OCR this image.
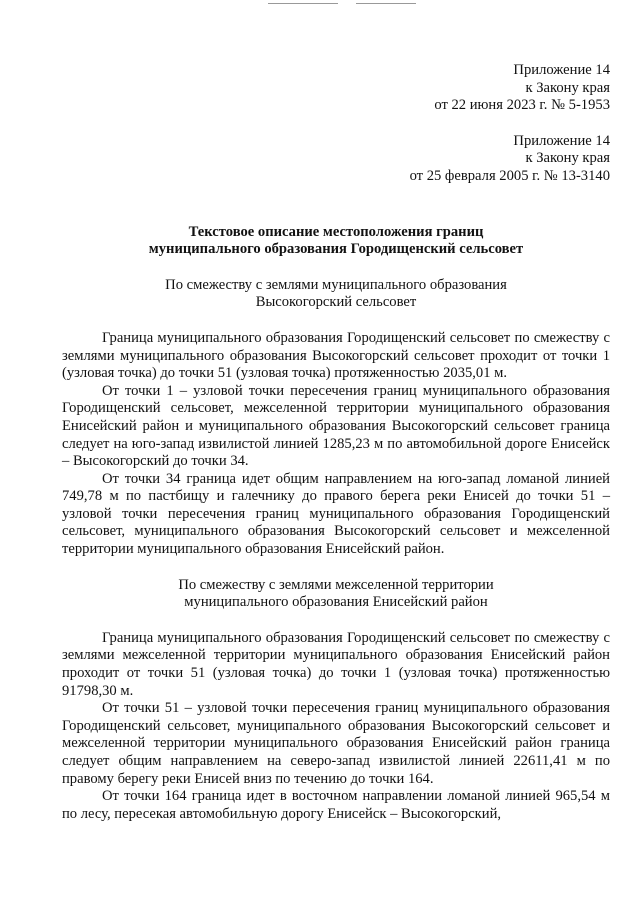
Приложение 14

к Закону края

от 22 июня 2023 г. № 5-1953

Приложение 14

к Закону края

от 25 февраля 2005 г. № 13-3140

Текстовое описание местоположения границ
муниципального образования Городищенский сельсовет
По смежеству с землями муниципального образования
Высокогорский сельсовет

Граница муниципального образования Городищенский сельсовет по смежеству с землями муниципального образования Высокогорский сельсовет проходит от точки 1 (узловая точка) до точки 51 (узловая точка) протяженностью 2035,01 м.

От точки 1 – узловой точки пересечения границ муниципального образования Городищенский сельсовет, межселенной территории муниципального образования Енисейский район и муниципального образования Высокогорский сельсовет граница следует на юго-запад извилистой линией 1285,23 м по автомобильной дороге Енисейск – Высокогорский до точки 34.

От точки 34 граница идет общим направлением на юго-запад ломаной линией 749,78 м по пастбищу и галечнику до правого берега реки Енисей до точки 51 – узловой точки пересечения границ муниципального образования Городищенский сельсовет, муниципального образования Высокогорский сельсовет и межселенной территории муниципального образования Енисейский район.

По смежеству с землями межселенной территории
муниципального образования Енисейский район

Граница муниципального образования Городищенский сельсовет по смежеству с землями межселенной территории муниципального образования Енисейский район проходит от точки 51 (узловая точка) до точки 1 (узловая точка) протяженностью 91798,30 м.

От точки 51 – узловой точки пересечения границ муниципального образования Городищенский сельсовет, муниципального образования Высокогорский сельсовет и межселенной территории муниципального образования Енисейский район граница следует общим направлением на северо-запад извилистой линией 22611,41 м по правому берегу реки Енисей вниз по течению до точки 164.

От точки 164 граница идет в восточном направлении ломаной линией 965,54 м по лесу, пересекая автомобильную дорогу Енисейск – Высокогорский,
